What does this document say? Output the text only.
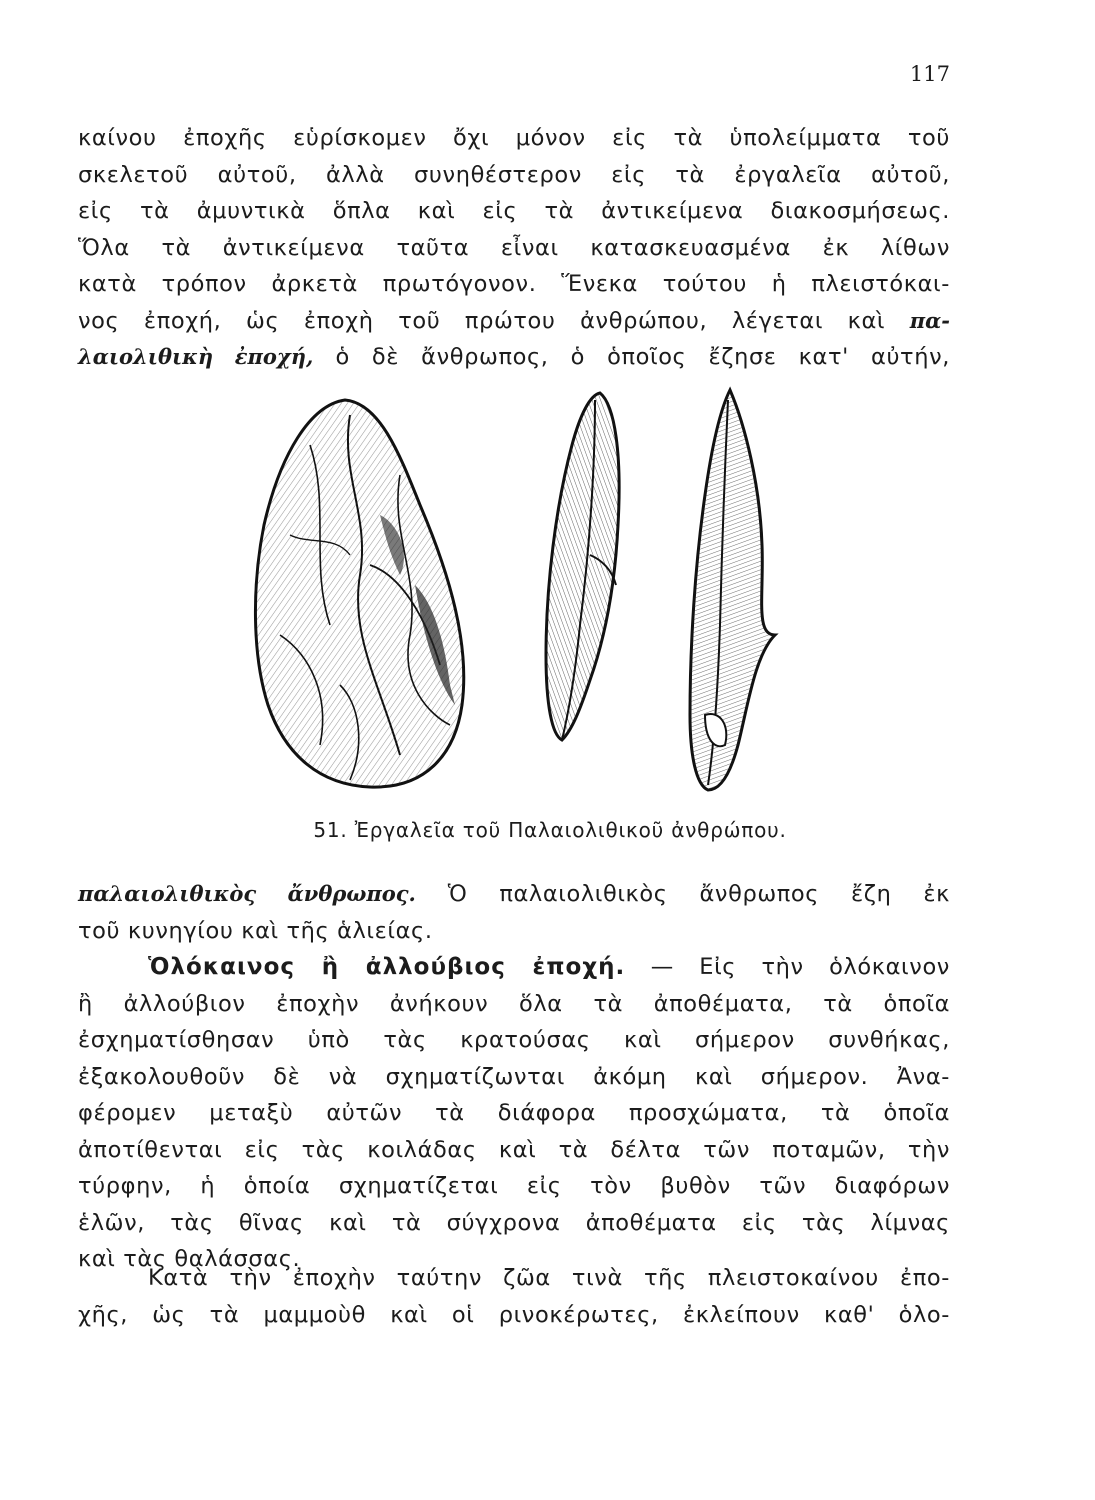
117
καίνου ἐποχῆς εὑρίσκομεν ὄχι μόνον εἰς τὰ ὑπολείμματα τοῦ
σκελετοῦ αὐτοῦ, ἀλλὰ συνηθέστερον εἰς τὰ ἐργαλεῖα αὐτοῦ,
εἰς τὰ ἀμυντικὰ ὅπλα καὶ εἰς τὰ ἀντικείμενα διακοσμήσεως.
Ὅλα τὰ ἀντικείμενα ταῦτα εἶναι κατασκευασμένα ἐκ λίθων
κατὰ τρόπον ἀρκετὰ πρωτόγονον. Ἕνεκα τούτου ἡ πλειστόκαι-
νος ἐποχή, ὡς ἐποχὴ τοῦ πρώτου ἀνθρώπου, λέγεται καὶ πα-
λαιολιθικὴ ἐποχή, ὁ δὲ ἄνθρωπος, ὁ ὁποῖος ἔζησε κατ' αὐτήν,
51. Ἐργαλεῖα τοῦ Παλαιολιθικοῦ ἀνθρώπου.
παλαιολιθικὸς ἄνθρωπος. Ὁ παλαιολιθικὸς ἄνθρωπος ἔζη ἐκ
τοῦ κυνηγίου καὶ τῆς ἁλιείας.
Ὁλόκαινος ἢ ἀλλούβιος ἐποχή. — Εἰς τὴν ὁλόκαινον
ἢ ἀλλούβιον ἐποχὴν ἀνήκουν ὅλα τὰ ἀποθέματα, τὰ ὁποῖα
ἐσχηματίσθησαν ὑπὸ τὰς κρατούσας καὶ σήμερον συνθήκας,
ἐξακολουθοῦν δὲ νὰ σχηματίζωνται ἀκόμη καὶ σήμερον. Ἀνα-
φέρομεν μεταξὺ αὐτῶν τὰ διάφορα προσχώματα, τὰ ὁποῖα
ἀποτίθενται εἰς τὰς κοιλάδας καὶ τὰ δέλτα τῶν ποταμῶν, τὴν
τύρφην, ἡ ὁποία σχηματίζεται εἰς τὸν βυθὸν τῶν διαφόρων
ἑλῶν, τὰς θῖνας καὶ τὰ σύγχρονα ἀποθέματα εἰς τὰς λίμνας
καὶ τὰς θαλάσσας.
Κατὰ τὴν ἐποχὴν ταύτην ζῶα τινὰ τῆς πλειστοκαίνου ἐπο-
χῆς, ὡς τὰ μαμμοὺθ καὶ οἱ ρινοκέρωτες, ἐκλείπουν καθ' ὁλο-
